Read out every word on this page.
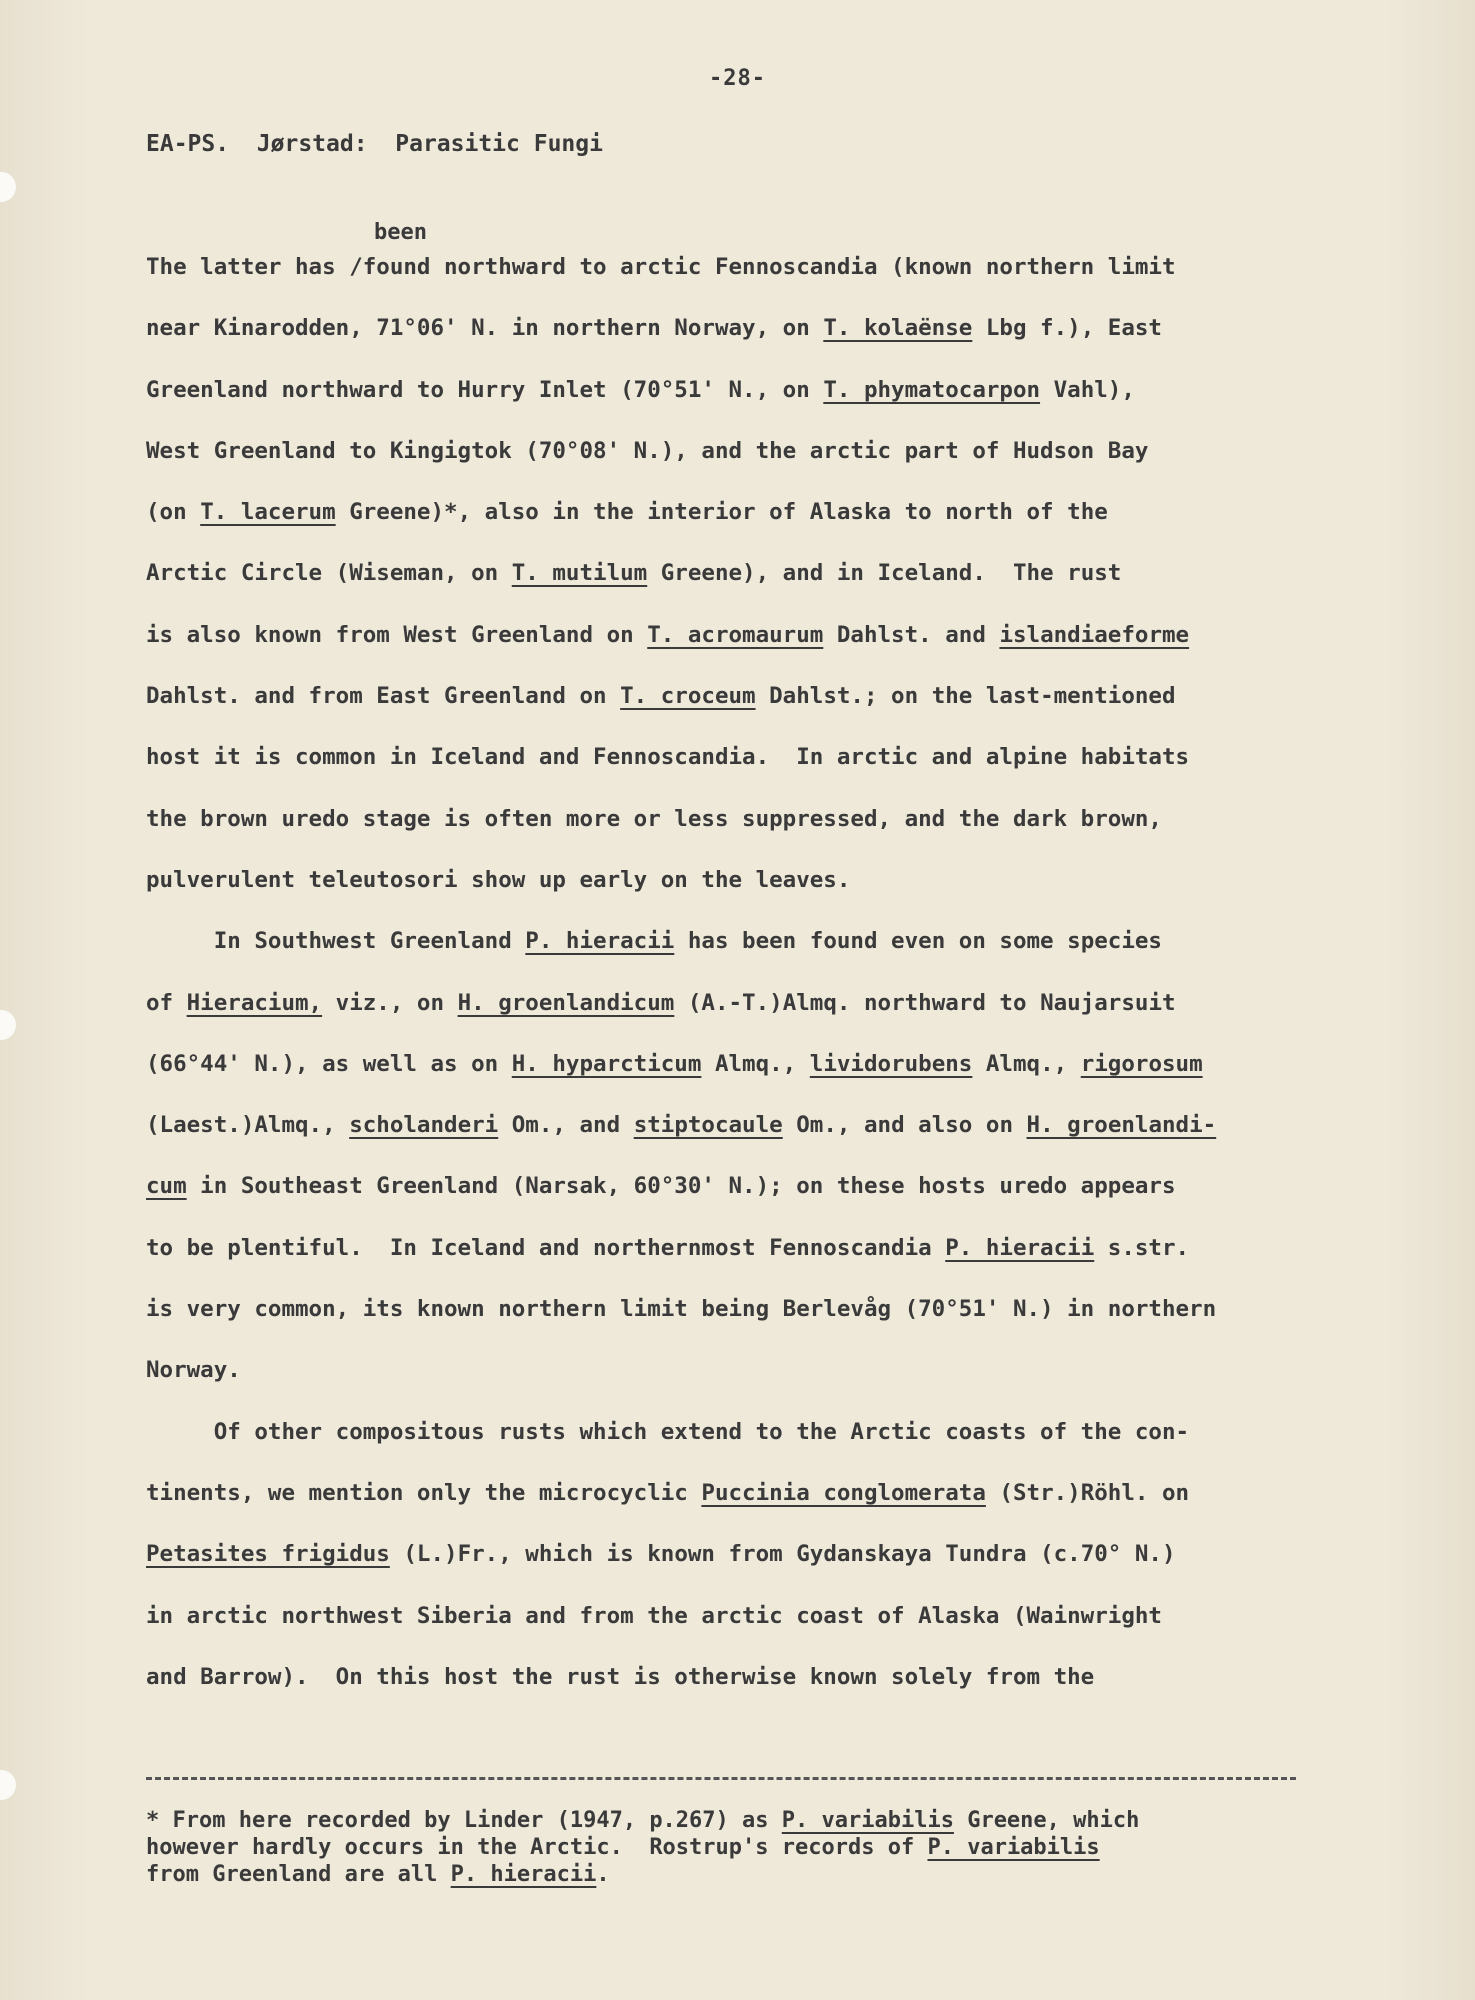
-28-
EA-PS.  Jørstad:  Parasitic Fungi
been
The latter has /found northward to arctic Fennoscandia (known northern limit
near Kinarodden, 71°06' N. in northern Norway, on T. kolaënse Lbg f.), East
Greenland northward to Hurry Inlet (70°51' N., on T. phymatocarpon Vahl),
West Greenland to Kingigtok (70°08' N.), and the arctic part of Hudson Bay
(on T. lacerum Greene)*, also in the interior of Alaska to north of the
Arctic Circle (Wiseman, on T. mutilum Greene), and in Iceland.  The rust
is also known from West Greenland on T. acromaurum Dahlst. and islandiaeforme
Dahlst. and from East Greenland on T. croceum Dahlst.; on the last-mentioned
host it is common in Iceland and Fennoscandia.  In arctic and alpine habitats
the brown uredo stage is often more or less suppressed, and the dark brown,
pulverulent teleutosori show up early on the leaves.
In Southwest Greenland P. hieracii has been found even on some species
of Hieracium, viz., on H. groenlandicum (A.-T.)Almq. northward to Naujarsuit
(66°44' N.), as well as on H. hyparcticum Almq., lividorubens Almq., rigorosum
(Laest.)Almq., scholanderi Om., and stiptocaule Om., and also on H. groenlandi-
cum in Southeast Greenland (Narsak, 60°30' N.); on these hosts uredo appears
to be plentiful.  In Iceland and northernmost Fennoscandia P. hieracii s.str.
is very common, its known northern limit being Berlevåg (70°51' N.) in northern
Norway.
Of other compositous rusts which extend to the Arctic coasts of the con-
tinents, we mention only the microcyclic Puccinia conglomerata (Str.)Röhl. on
Petasites frigidus (L.)Fr., which is known from Gydanskaya Tundra (c.70° N.)
in arctic northwest Siberia and from the arctic coast of Alaska (Wainwright
and Barrow).  On this host the rust is otherwise known solely from the
* From here recorded by Linder (1947, p.267) as P. variabilis Greene, which
however hardly occurs in the Arctic.  Rostrup's records of P. variabilis
from Greenland are all P. hieracii.
